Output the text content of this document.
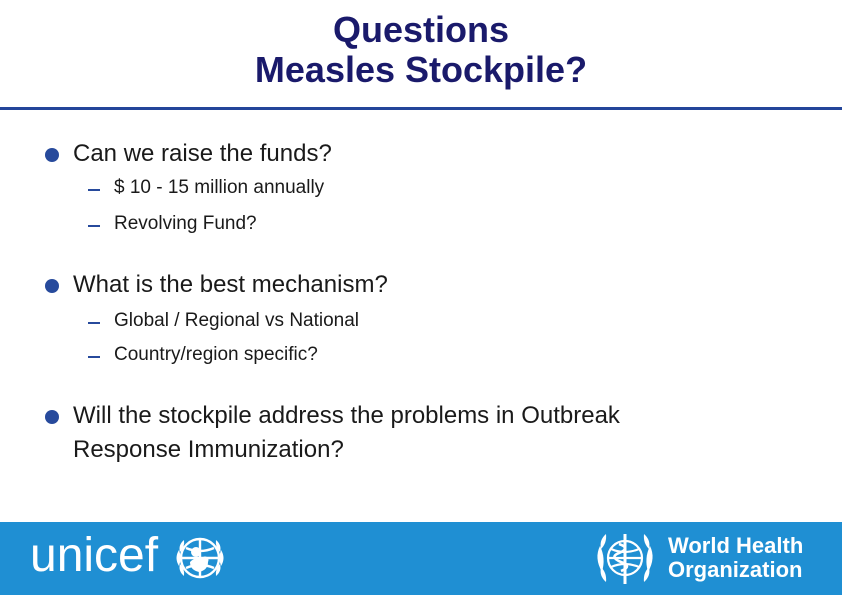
Questions
Measles Stockpile?
Can we raise the funds?
$ 10 - 15 million annually
Revolving Fund?
What is the best mechanism?
Global / Regional vs National
Country/region specific?
Will the stockpile address the problems in Outbreak
Response Immunization?
unicef	World Health
Organization
